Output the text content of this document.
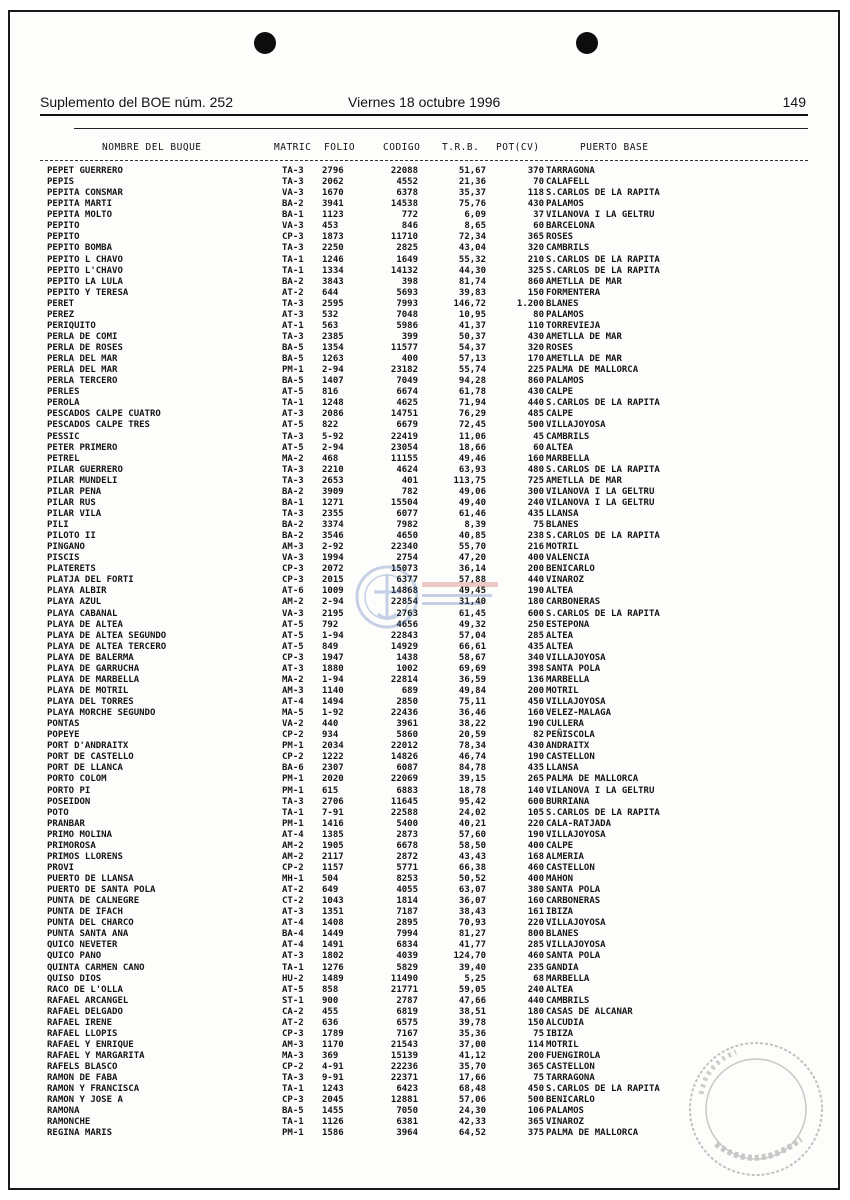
Suplemento del BOE núm. 252	Viernes 18 octubre 1996	149
NOMBRE DEL BUQUE	MATRIC FOLIO	CODIGO T.R.B. POT(CV)	PUERTO BASE
PEPET GUERRERO	TA-3 2796	22088	51,67	370 TARRAGONA
PEPIS	TA-3 2062	4552	21,36	70 CALAFELL
PEPITA CONSMAR	VA-3 1670	6378	35,37	118 S.CARLOS DE LA RAPITA
PEPITA MARTI	BA-2 3941	14538	75,76	430 PALAMOS
PEPITA MOLTO	BA-1 1123	772	6,09	37 VILANOVA I LA GELTRU
PEPITO	VA-3 453	846	8,65	60 BARCELONA
PEPITO	CP-3 1873	11710	72,34	365 ROSES
PEPITO BOMBA	TA-3 2250	2825	43,04	320 CAMBRILS
PEPITO L CHAVO	TA-1 1246	1649	55,32	210 S.CARLOS DE LA RAPITA
PEPITO L'CHAVO	TA-1 1334	14132	44,30	325 S.CARLOS DE LA RAPITA
PEPITO LA LULA	BA-2 3843	398	81,74	860 AMETLLA DE MAR
PEPITO Y TERESA	AT-2 644	5693	39,83	150 FORMENTERA
PERET	TA-3 2595	7993	146,72	1.200 BLANES
PEREZ	AT-3 532	7048	10,95	80 PALAMOS
PERIQUITO	AT-1 563	5986	41,37	110 TORREVIEJA
PERLA DE COMI	TA-3 2385	399	50,37	430 AMETLLA DE MAR
PERLA DE ROSES	BA-5 1354	11577	54,37	320 ROSES
PERLA DEL MAR	BA-5 1263	400	57,13	170 AMETLLA DE MAR
PERLA DEL MAR	PM-1 2-94	23182	55,74	225 PALMA DE MALLORCA
PERLA TERCERO	BA-5 1407	7049	94,28	860 PALAMOS
PERLES	AT-5 816	6674	61,78	430 CALPE
PEROLA	TA-1 1248	4625	71,94	440 S.CARLOS DE LA RAPITA
PESCADOS CALPE CUATRO	AT-3 2086	14751	76,29	485 CALPE
PESCADOS CALPE TRES	AT-5 822	6679	72,45	500 VILLAJOYOSA
PESSIC	TA-3 5-92	22419	11,06	45 CAMBRILS
PETER PRIMERO	AT-5 2-94	23054	18,66	60 ALTEA
PETREL	MA-2 468	11155	49,46	160 MARBELLA
PILAR GUERRERO	TA-3 2210	4624	63,93	480 S.CARLOS DE LA RAPITA
PILAR MUNDELI	TA-3 2653	401	113,75	725 AMETLLA DE MAR
PILAR PEÑA	BA-2 3909	782	49,06	300 VILANOVA I LA GELTRU
PILAR RUS	BA-1 1271	15504	49,40	240 VILANOVA I LA GELTRU
PILAR VILA	TA-3 2355	6077	61,46	435 LLANSA
PILI	BA-2 3374	7982	8,39	75 BLANES
PILOTO II	BA-2 3546	4650	40,85	238 S.CARLOS DE LA RAPITA
PINGANO	AM-3 2-92	22340	55,70	216 MOTRIL
PISCIS	VA-3 1994	2754	47,20	400 VALENCIA
PLATERETS	CP-3 2072	15073	36,14	200 BENICARLO
PLATJA DEL FORTI	CP-3 2015	6377	57,88	440 VINAROZ
PLAYA ALBIR	AT-6 1009	14868	49,45	190 ALTEA
PLAYA AZUL	AM-2 2-94	22854	31,40	180 CARBONERAS
PLAYA CABAÑAL	VA-3 2195	2763	61,45	600 S.CARLOS DE LA RAPITA
PLAYA DE ALTEA	AT-5 792	4656	49,32	250 ESTEPONA
PLAYA DE ALTEA SEGUNDO	AT-5 1-94	22843	57,04	285 ALTEA
PLAYA DE ALTEA TERCERO	AT-5 849	14929	66,61	435 ALTEA
PLAYA DE BALERMA	CP-3 1947	1438	58,67	340 VILLAJOYOSA
PLAYA DE GARRUCHA	AT-3 1880	1002	69,69	398 SANTA POLA
PLAYA DE MARBELLA	MA-2 1-94	22814	36,59	136 MARBELLA
PLAYA DE MOTRIL	AM-3 1140	689	49,84	200 MOTRIL
PLAYA DEL TORRES	AT-4 1494	2850	75,11	450 VILLAJOYOSA
PLAYA MORCHE SEGUNDO	MA-5 1-92	22436	36,46	160 VELEZ-MALAGA
PONTAS	VA-2 440	3961	38,22	190 CULLERA
POPEYE	CP-2 934	5860	20,59	82 PEÑISCOLA
PORT D'ANDRAITX	PM-1 2034	22012	78,34	430 ANDRAITX
PORT DE CASTELLO	CP-2 1222	14826	46,74	190 CASTELLON
PORT DE LLANCA	BA-6 2307	6087	84,78	435 LLANSA
PORTO COLOM	PM-1 2020	22069	39,15	265 PALMA DE MALLORCA
PORTO PI	PM-1 615	6883	18,78	140 VILANOVA I LA GELTRU
POSEIDON	TA-3 2706	11645	95,42	600 BURRIANA
POTO	TA-1 7-91	22588	24,02	105 S.CARLOS DE LA RAPITA
PRANBAR	PM-1 1416	5400	40,21	220 CALA-RATJADA
PRIMO MOLINA	AT-4 1385	2873	57,60	190 VILLAJOYOSA
PRIMOROSA	AM-2 1905	6678	58,50	400 CALPE
PRIMOS LLORENS	AM-2 2117	2872	43,43	168 ALMERIA
PROVI	CP-2 1157	5771	66,38	460 CASTELLON
PUERTO DE LLANSA	MH-1 504	8253	50,52	400 MAHON
PUERTO DE SANTA POLA	AT-2 649	4055	63,07	380 SANTA POLA
PUNTA DE CALNEGRE	CT-2 1043	1814	36,07	160 CARBONERAS
PUNTA DE IFACH	AT-3 1351	7187	38,43	161 IBIZA
PUNTA DEL CHARCO	AT-4 1408	2895	70,93	220 VILLAJOYOSA
PUNTA SANTA ANA	BA-4 1449	7994	81,27	800 BLANES
QUICO NEVETER	AT-4 1491	6834	41,77	285 VILLAJOYOSA
QUICO PANO	AT-3 1802	4039	124,70	460 SANTA POLA
QUINTA CARMEN CANO	TA-1 1276	5829	39,40	235 GANDIA
QUISO DIOS	HU-2 1489	11490	5,25	68 MARBELLA
RACO DE L'OLLA	AT-5 858	21771	59,05	240 ALTEA
RAFAEL ARCANGEL	ST-1 900	2787	47,66	440 CAMBRILS
RAFAEL DELGADO	CA-2 455	6819	38,51	180 CASAS DE ALCANAR
RAFAEL IRENE	AT-2 636	6575	39,78	150 ALCUDIA
RAFAEL LLOPIS	CP-3 1789	7167	35,36	75 IBIZA
RAFAEL Y ENRIQUE	AM-3 1170	21543	37,00	114 MOTRIL
RAFAEL Y MARGARITA	MA-3 369	15139	41,12	200 FUENGIROLA
RAFELS BLASCO	CP-2 4-91	22236	35,70	365 CASTELLON
RAMON DE FABA	TA-3 9-91	22371	17,66	75 TARRAGONA
RAMON Y FRANCISCA	TA-1 1243	6423	68,48	450 S.CARLOS DE LA RAPITA
RAMON Y JOSE A	CP-3 2045	12881	57,06	500 BENICARLO
RAMONA	BA-5 1455	7050	24,30	106 PALAMOS
RAMONCHE	TA-1 1126	6381	42,33	365 VINAROZ
REGINA MARIS	PM-1 1586	3964	64,52	375 PALMA DE MALLORCA
